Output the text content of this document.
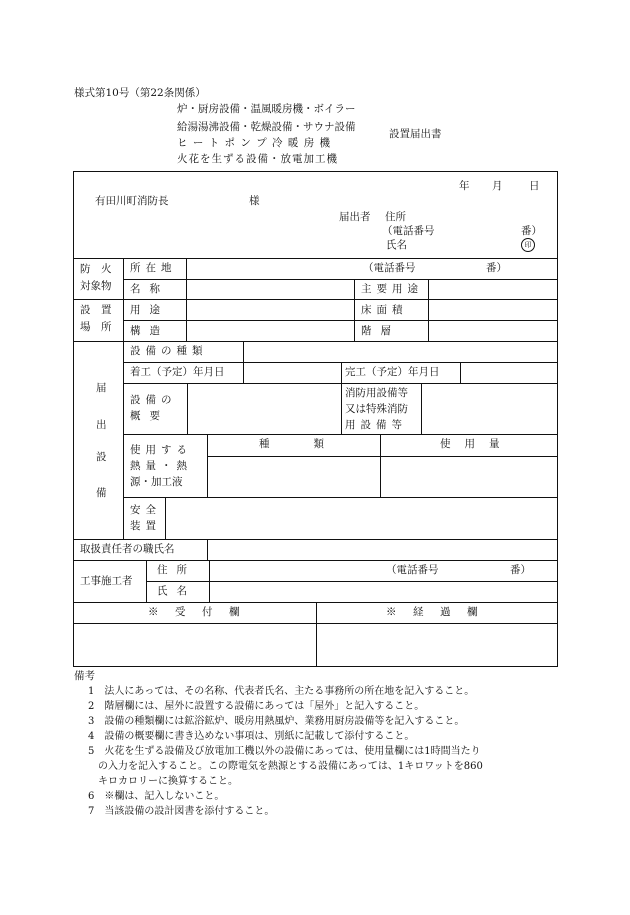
様式第10号（第22条関係）
炉・厨房設備・温風暖房機・ボイラー
給湯湯沸設備・乾燥設備・サウナ設備
ヒ ー ト ポ ン プ 冷 暖 房 機
火花を生ずる設備・放電加工機
設置届出書
年 月	日
有田川町消防長	様
届出者 住所
（電話番号	番）
氏名	印
防　火
対象物
所在地	（電話番号	番）
名称	主要用途
設　置
場　所
用途	床面積
構造	階層
届
出
設
備
設備の種類
着工（予定）年月日	完工（予定）年月日
設備の
概要
消防用設備等
又は特殊消防
用設備等
使用する
熱量・熱
源・加工液
種類	使用量
安全
装置
取扱責任者の職氏名
工事施工者
住所	（電話番号	番）
氏名
※　受　付　欄	※　経　過　欄
備考
1　法人にあっては、その名称、代表者氏名、主たる事務所の所在地を記入すること。
2　階層欄には、屋外に設置する設備にあっては「屋外」と記入すること。
3　設備の種類欄には鉱浴鉱炉、暖房用熱風炉、業務用厨房設備等を記入すること。
4　設備の概要欄に書き込めない事項は、別紙に記載して添付すること。
5　火花を生ずる設備及び放電加工機以外の設備にあっては、使用量欄には1時間当たり
　の入力を記入すること。この際電気を熱源とする設備にあっては、1キロワットを860
　キロカロリーに換算すること。
6　※欄は、記入しないこと。
7　当該設備の設計図書を添付すること。
